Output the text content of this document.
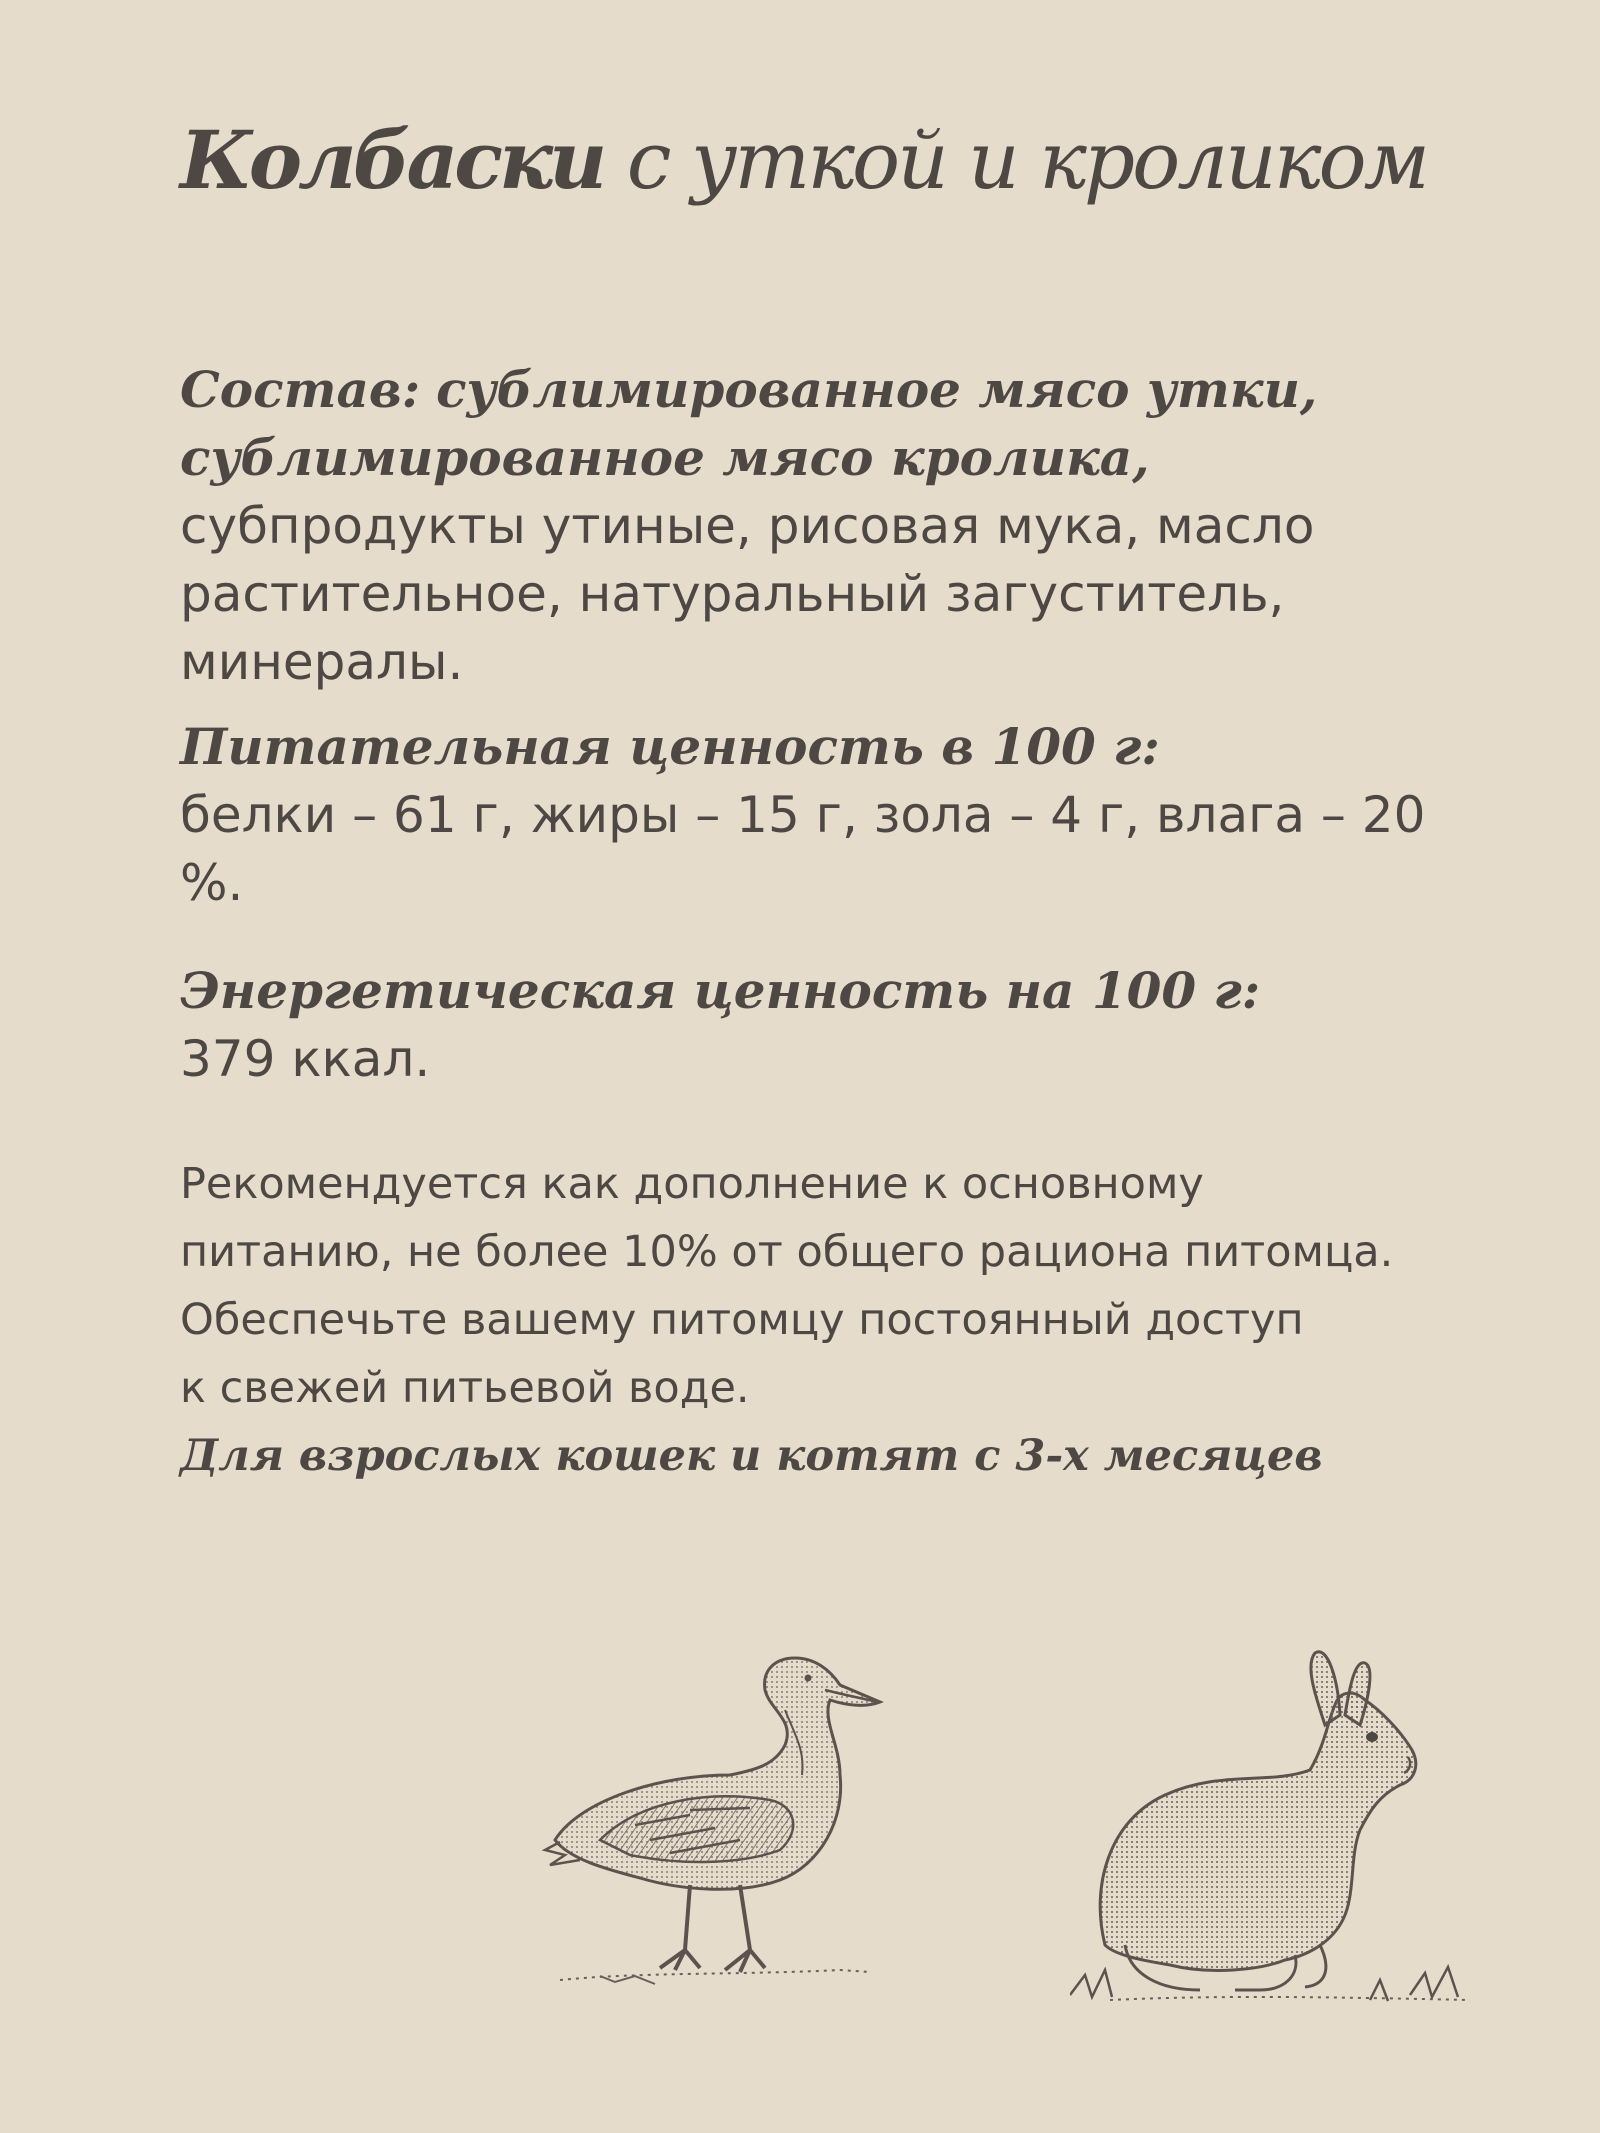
Колбаски с уткой и кроликом
Состав: сублимированное мясо утки, сублимированное мясо кролика, субпродукты утиные, рисовая мука, масло растительное, натуральный загуститель, минералы.
Питательная ценность в 100 г:
белки – 61 г, жиры – 15 г, зола – 4 г, влага – 20 %.
Энергетическая ценность на 100 г:
379 ккал.
Рекомендуется как дополнение к основному
питанию, не более 10% от общего рациона питомца.
Обеспечьте вашему питомцу постоянный доступ
к свежей питьевой воде.
Для взрослых кошек и котят с 3-х месяцев
